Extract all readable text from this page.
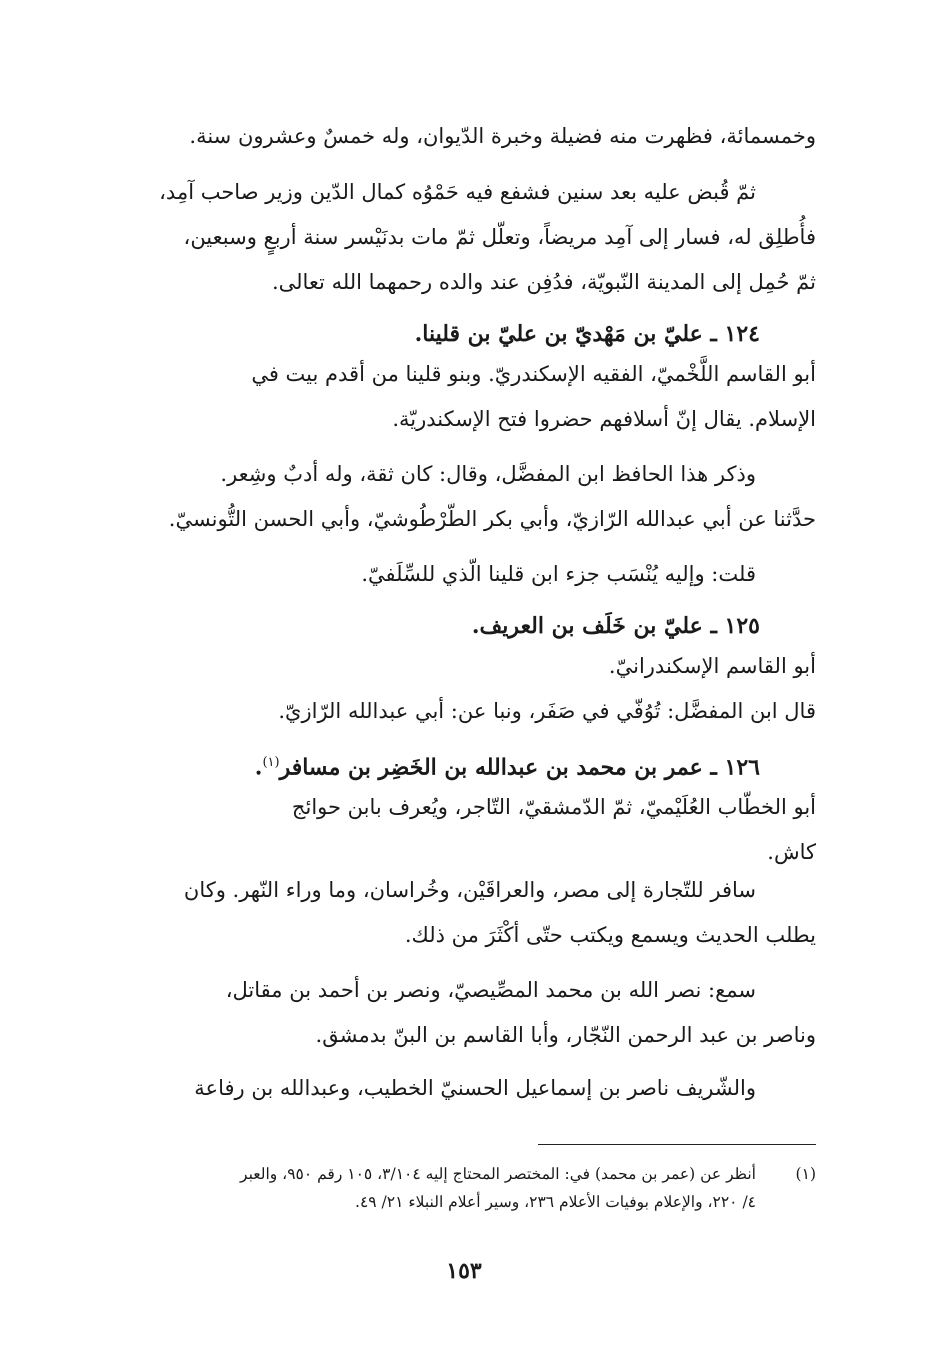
وخمسمائة، فظهرت منه فضيلة وخبرة الدّيوان، وله خمسٌ وعشرون سنة.
ثمّ قُبض عليه بعد سنين فشفع فيه حَمْوُه كمال الدّين وزير صاحب آمِد،
فأُطلِق له، فسار إلى آمِد مريضاً، وتعلّل ثمّ مات بدنَيْسر سنة أربعٍ وسبعين،
ثمّ حُمِل إلى المدينة النّبويّة، فدُفِن عند والده رحمهما الله تعالى.
١٢٤ ـ عليّ بن مَهْديّ بن عليّ بن قلينا.
أبو القاسم اللَّخْميّ، الفقيه الإسكندريّ. وبنو قلينا من أقدم بيت في
الإسلام. يقال إنّ أسلافهم حضروا فتح الإسكندريّة.
وذكر هذا الحافظ ابن المفضَّل، وقال: كان ثقة، وله أدبٌ وشِعر.
حدَّثنا عن أبي عبدالله الرّازيّ، وأبي بكر الطّرْطُوشيّ، وأبي الحسن التُّونسيّ.
قلت: وإليه يُنْسَب جزء ابن قلينا الّذي للسِّلَفيّ.
١٢٥ ـ عليّ بن خَلَف بن العريف.
أبو القاسم الإسكندرانيّ.
قال ابن المفضَّل: تُوُفّي في صَفَر، ونبا عن: أبي عبدالله الرّازيّ.
١٢٦ ـ عمر بن محمد بن عبدالله بن الخَضِر بن مسافر$^{(١)}$.
أبو الخطّاب العُلَيْميّ، ثمّ الدّمشقيّ، التّاجر، ويُعرف بابن حوائج
كاش.
سافر للتّجارة إلى مصر، والعراقَيْن، وخُراسان، وما وراء النّهر. وكان
يطلب الحديث ويسمع ويكتب حتّى أكْثَرَ من ذلك.
سمع: نصر الله بن محمد المصِّيصيّ، ونصر بن أحمد بن مقاتل،
وناصر بن عبد الرحمن النّجّار، وأبا القاسم بن البنّ بدمشق.
والشّريف ناصر بن إسماعيل الحسنيّ الخطيب، وعبدالله بن رفاعة
(١)
أنظر عن (عمر بن محمد) في: المختصر المحتاج إليه ٣/١٠٤، ١٠٥ رقم ٩٥٠، والعبر
٤/ ٢٢٠، والإعلام بوفيات الأعلام ٢٣٦، وسير أعلام النبلاء ٢١/ ٤٩.
١٥٣
